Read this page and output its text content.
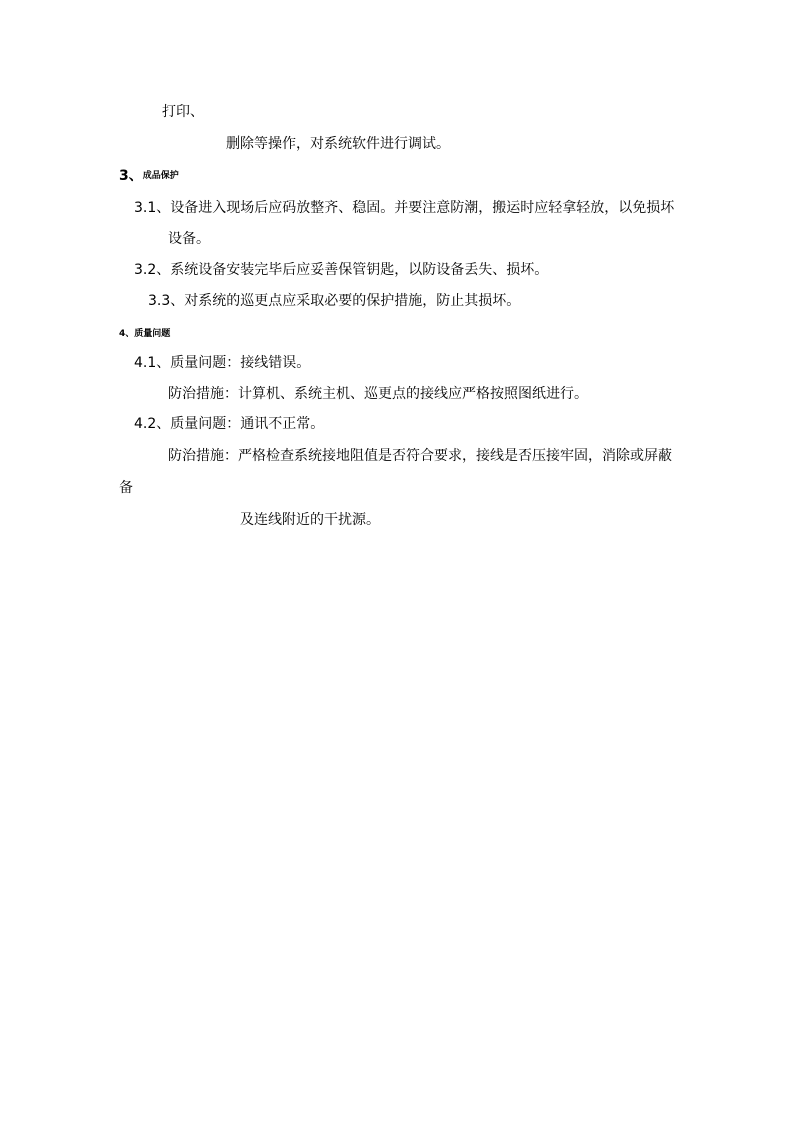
打印、
删除等操作，对系统软件进行调试。
3、成品保护
3.1、设备进入现场后应码放整齐、稳固。并要注意防潮，搬运时应轻拿轻放，以免损坏
设备。
3.2、系统设备安装完毕后应妥善保管钥匙，以防设备丢失、损坏。
3.3、对系统的巡更点应采取必要的保护措施，防止其损坏。
4、质量问题
4.1、质量问题：接线错误。
防治措施：计算机、系统主机、巡更点的接线应严格按照图纸进行。
4.2、质量问题：通讯不正常。
防治措施：严格检查系统接地阻值是否符合要求，接线是否压接牢固，消除或屏蔽
备
及连线附近的干扰源。
